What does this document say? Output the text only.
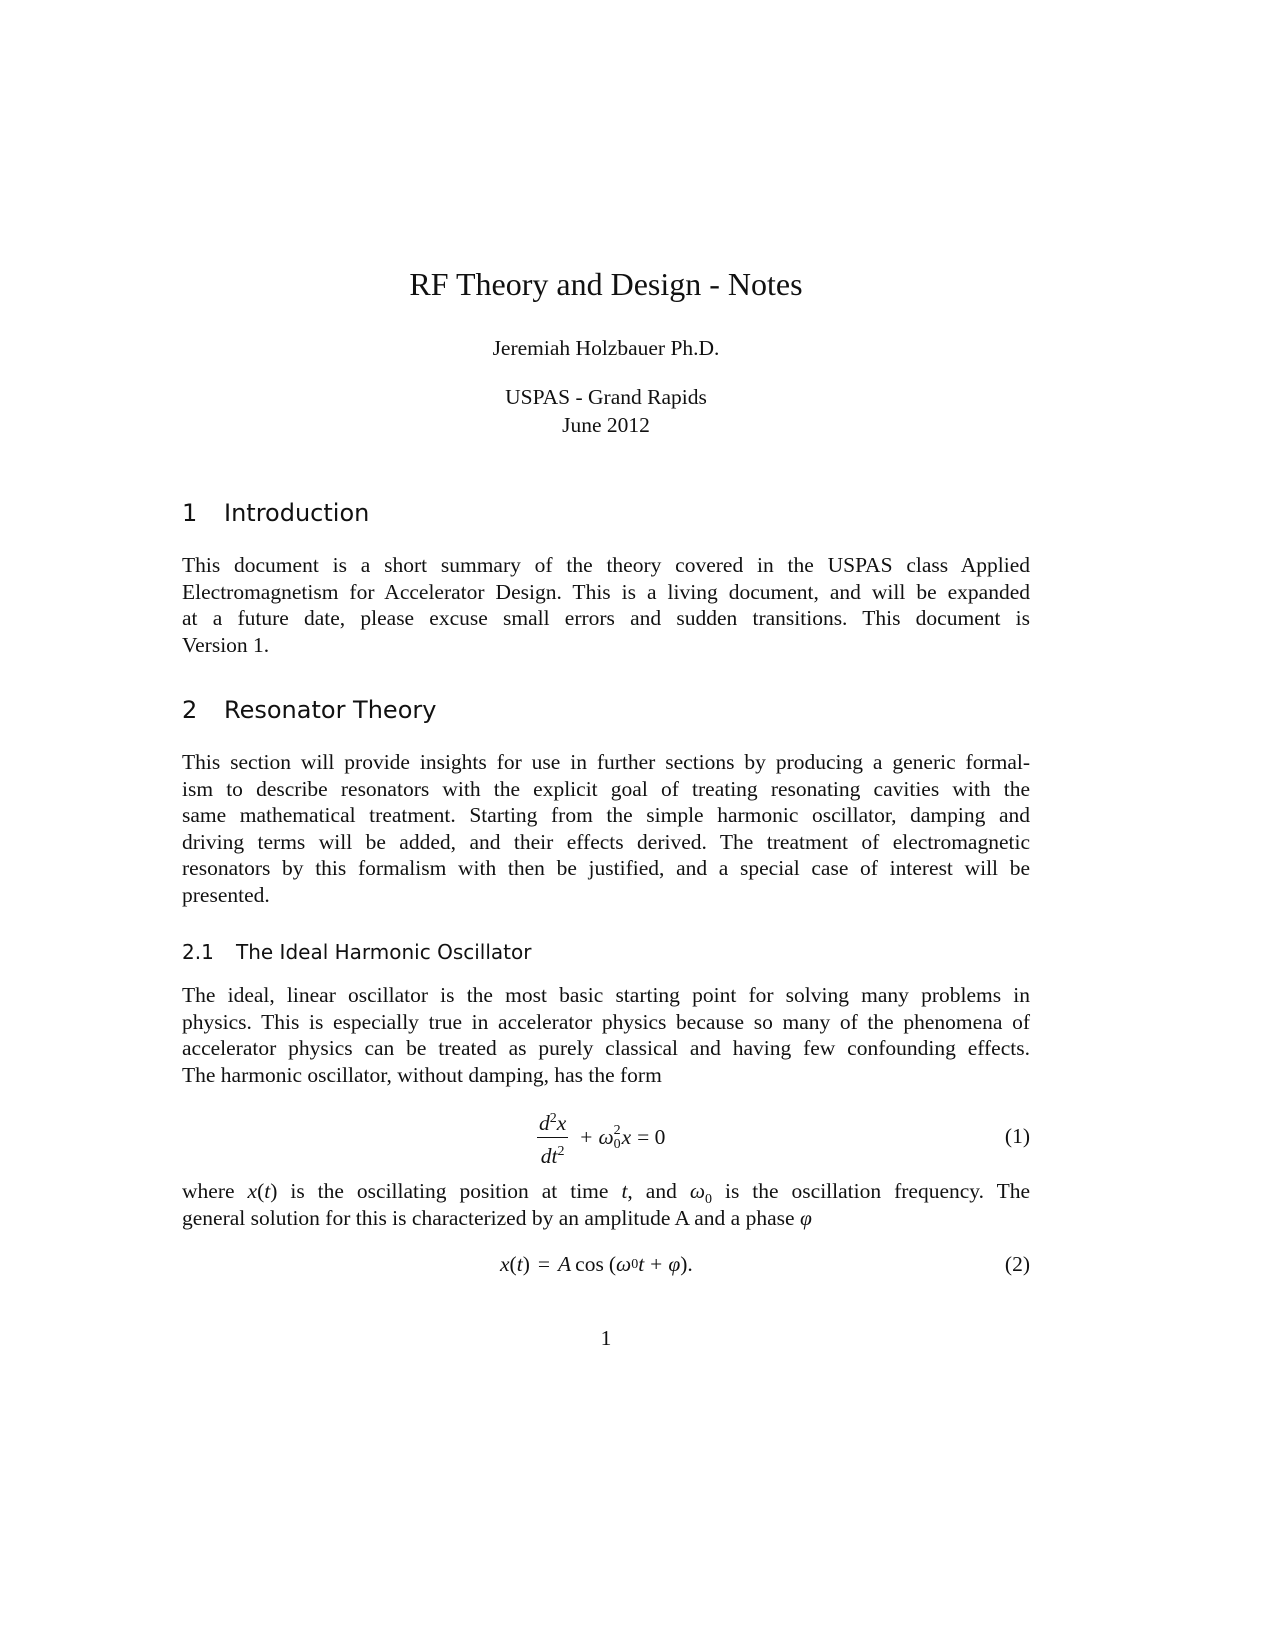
RF Theory and Design - Notes
Jeremiah Holzbauer Ph.D.
USPAS - Grand Rapids
June 2012
1 Introduction
This document is a short summary of the theory covered in the USPAS class Applied
Electromagnetism for Accelerator Design. This is a living document, and will be expanded
at a future date, please excuse small errors and sudden transitions. This document is
Version 1.
2 Resonator Theory
This section will provide insights for use in further sections by producing a generic formal-
ism to describe resonators with the explicit goal of treating resonating cavities with the
same mathematical treatment. Starting from the simple harmonic oscillator, damping and
driving terms will be added, and their effects derived. The treatment of electromagnetic
resonators by this formalism with then be justified, and a special case of interest will be
presented.
2.1 The Ideal Harmonic Oscillator
The ideal, linear oscillator is the most basic starting point for solving many problems in
physics. This is especially true in accelerator physics because so many of the phenomena of
accelerator physics can be treated as purely classical and having few confounding effects.
The harmonic oscillator, without damping, has the form
$\frac{d^2x}{dt^2} + \omega$ 2
0 x = 0	(1)
where x(t) is the oscillating position at time t, and $\omega_0$ is the oscillation frequency. The
general solution for this is characterized by an amplitude A and a phase φ
x ( t ) = A cos ( ω 0 t + φ ).	(2)
1
